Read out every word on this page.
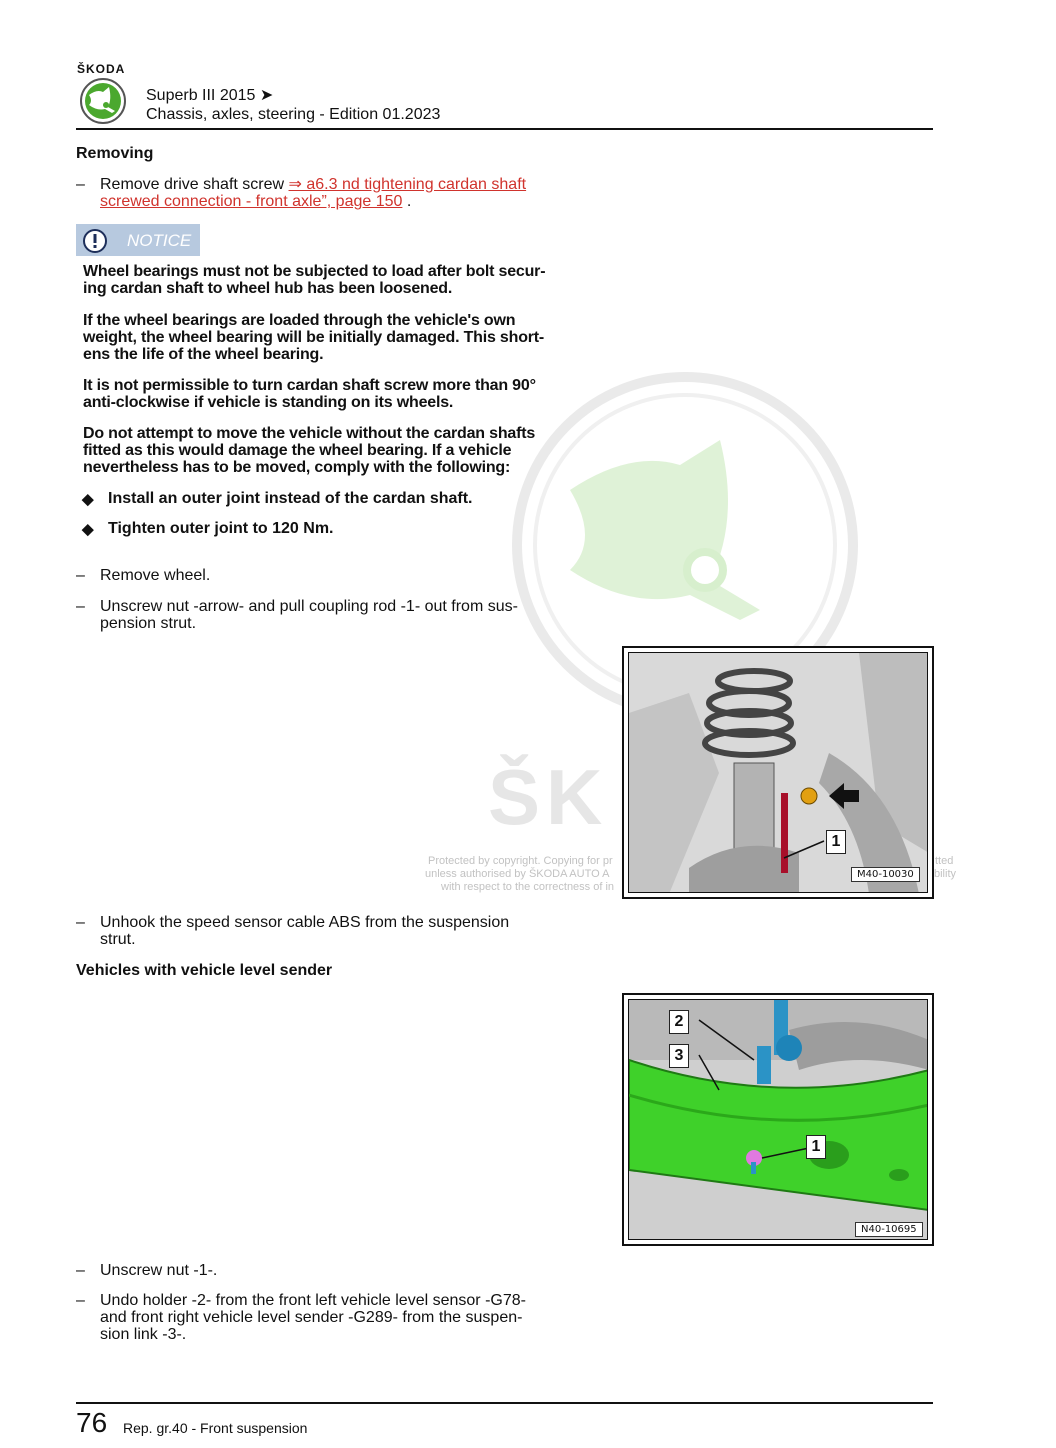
ŠK
Protected by copyright. Copying for pr	tted
unless authorised by ŠKODA AUTO A	bility
with respect to the correctness of in
ŠKODA
Superb III 2015 ➤
Chassis, axles, steering - Edition 01.2023
Removing
– Remove drive shaft screw ⇒ a6.3 nd tightening cardan shaft
screwed connection - front axle”, page 150 .
NOTICE
Wheel bearings must not be subjected to load after bolt secur-
ing cardan shaft to wheel hub has been loosened.
If the wheel bearings are loaded through the vehicle's own
weight, the wheel bearing will be initially damaged. This short-
ens the life of the wheel bearing.
It is not permissible to turn cardan shaft screw more than 90°
anti-clockwise if vehicle is standing on its wheels.
Do not attempt to move the vehicle without the cardan shafts
fitted as this would damage the wheel bearing. If a vehicle
nevertheless has to be moved, comply with the following:
◆ Install an outer joint instead of the cardan shaft.
◆ Tighten outer joint to 120 Nm.
– Remove wheel.
– Unscrew nut -arrow- and pull coupling rod -1- out from sus-
pension strut.
1
M40-10030
– Unhook the speed sensor cable ABS from the suspension
strut.
Vehicles with vehicle level sender
2
3
1
N40-10695
– Unscrew nut -1-.
– Undo holder -2- from the front left vehicle level sensor -G78-
and front right vehicle level sender -G289- from the suspen-
sion link -3-.
76 Rep. gr.40 - Front suspension
